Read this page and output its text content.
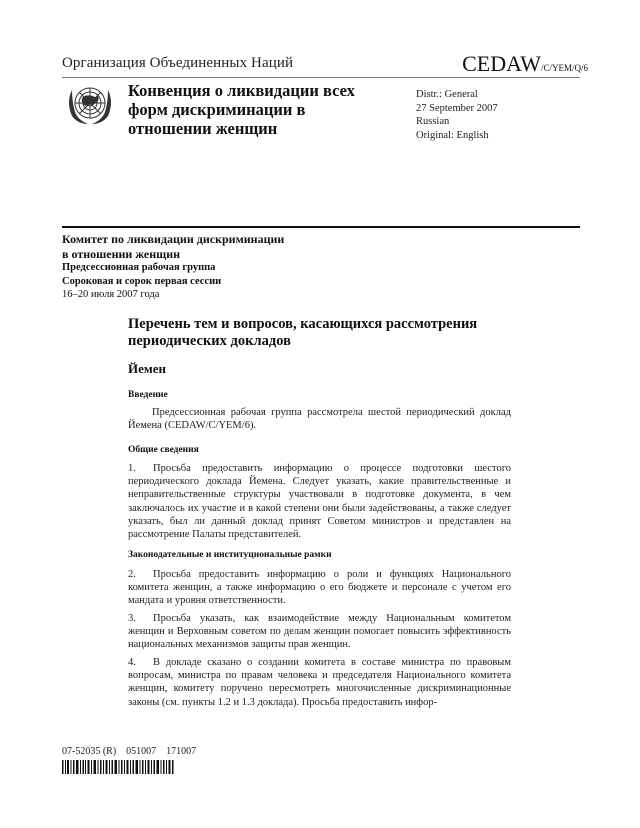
Организация Объединенных Наций	CEDAW/C/YEM/Q/6
Конвенция о ликвидации всех
форм дискриминации в
отношении женщин
Distr.: General
27 September 2007
Russian
Original: English
Комитет по ликвидации дискриминации
в отношении женщин
Предсессионная рабочая группа
Сороковая и сорок первая сессии
16–20 июля 2007 года
Перечень тем и вопросов, касающихся рассмотрения
периодических докладов
Йемен
Введение
Предсессионная рабочая группа рассмотрела шестой периодический доклад Йемена (CEDAW/C/YEM/6).
Общие сведения
1. Просьба предоставить информацию о процессе подготовки шестого периодического доклада Йемена. Следует указать, какие правительственные и неправительственные структуры участвовали в подготовке документа, в чем заключалось их участие и в какой степени они были задействованы, а также следует указать, был ли данный доклад принят Советом министров и представлен на рассмотрение Палаты представителей.
Законодательные и институциональные рамки
2. Просьба предоставить информацию о роли и функциях Национального комитета женщин, а также информацию о его бюджете и персонале с учетом его мандата и уровня ответственности.
3. Просьба указать, как взаимодействие между Национальным комитетом женщин и Верховным советом по делам женщин помогает повысить эффективность национальных механизмов защиты прав женщин.
4. В докладе сказано о создании комитета в составе министра по правовым вопросам, министра по правам человека и председателя Национального комитета женщин, комитету поручено пересмотреть многочисленные дискриминационные законы (см. пункты 1.2 и 1.3 доклада). Просьба предоставить инфор-
07-52035 (R)    051007    171007
